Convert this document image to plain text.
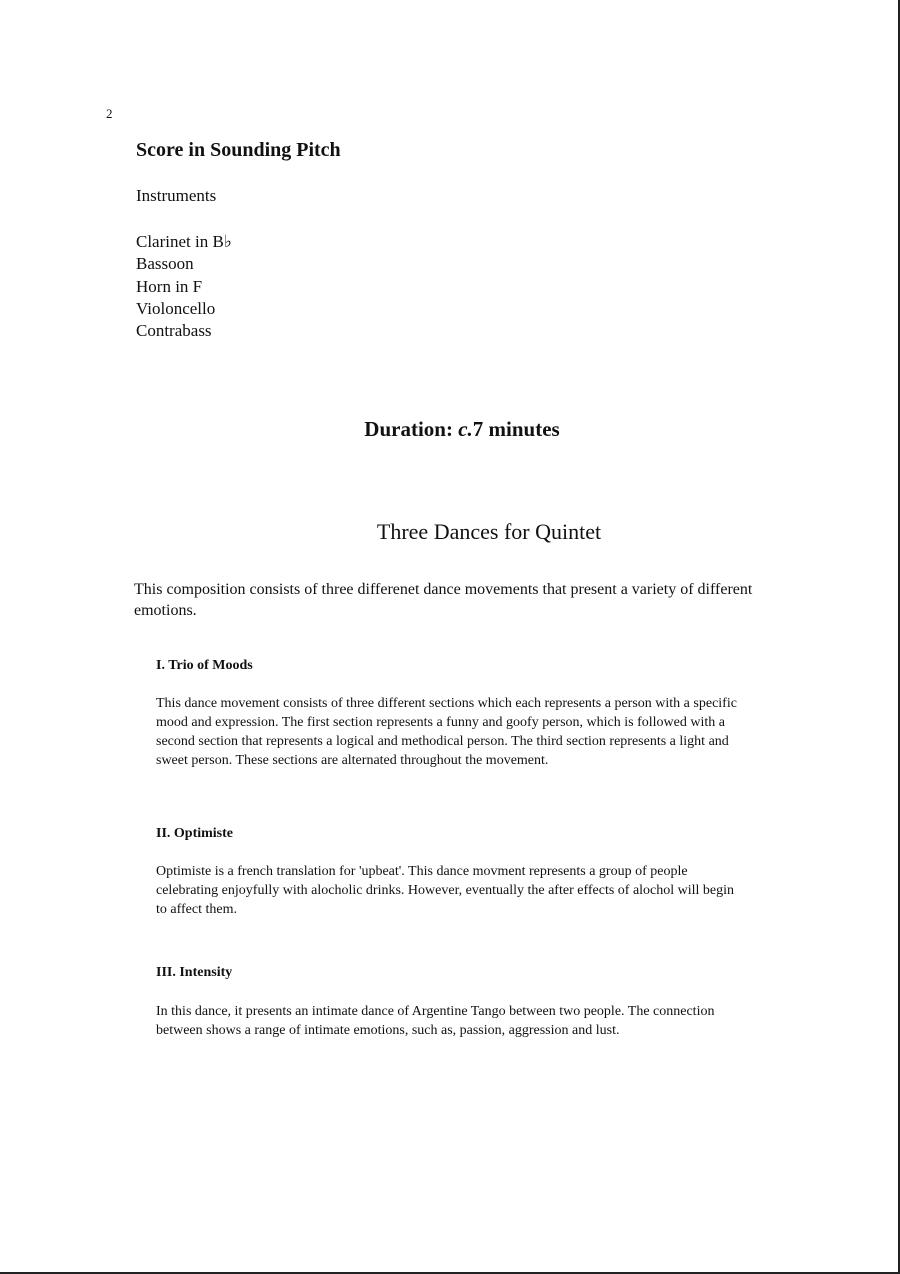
2
Score in Sounding Pitch
Instruments
Clarinet in B♭
Bassoon
Horn in F
Violoncello
Contrabass
Duration: c.7 minutes
Three Dances for Quintet

This composition consists of three differenet dance movements that present a variety of different emotions.

I. Trio of Moods

This dance movement consists of three different sections which each represents a person with a specific mood and expression. The first section represents a funny and goofy person, which is followed with a second section that represents a logical and methodical person. The third section represents a light and sweet person. These sections are alternated throughout the movement.

II. Optimiste

Optimiste is a french translation for 'upbeat'. This dance movment represents a group of people celebrating enjoyfully with alocholic drinks. However, eventually the after effects of alochol will begin to affect them.

III. Intensity

In this dance, it presents an intimate dance of Argentine Tango between two people. The connection between shows a range of intimate emotions, such as, passion, aggression and lust.
